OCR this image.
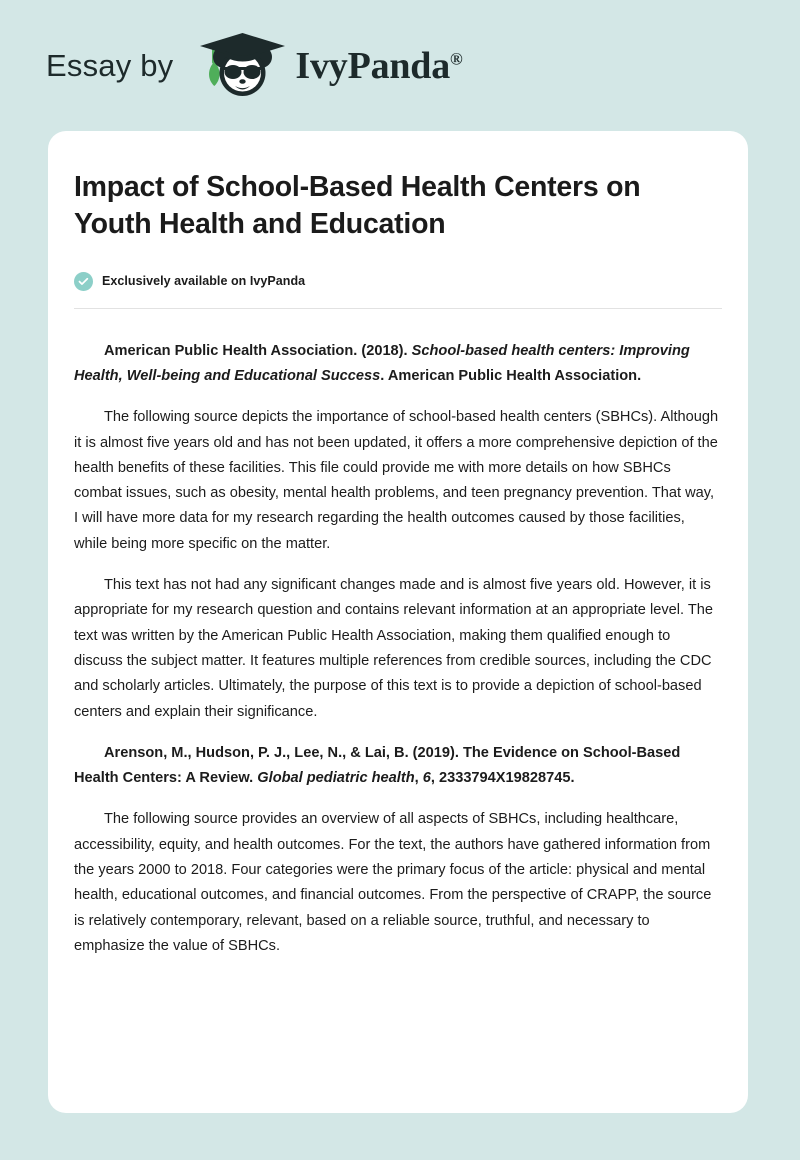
Essay by	IvyPanda®
Impact of School-Based Health Centers on Youth Health and Education
Exclusively available on IvyPanda

American Public Health Association. (2018). School-based health centers: Improving Health, Well-being and Educational Success. American Public Health Association.

The following source depicts the importance of school-based health centers (SBHCs). Although it is almost five years old and has not been updated, it offers a more comprehensive depiction of the health benefits of these facilities. This file could provide me with more details on how SBHCs combat issues, such as obesity, mental health problems, and teen pregnancy prevention. That way, I will have more data for my research regarding the health outcomes caused by those facilities, while being more specific on the matter.

This text has not had any significant changes made and is almost five years old. However, it is appropriate for my research question and contains relevant information at an appropriate level. The text was written by the American Public Health Association, making them qualified enough to discuss the subject matter. It features multiple references from credible sources, including the CDC and scholarly articles. Ultimately, the purpose of this text is to provide a depiction of school-based centers and explain their significance.

Arenson, M., Hudson, P. J., Lee, N., & Lai, B. (2019). The Evidence on School-Based Health Centers: A Review. Global pediatric health, 6, 2333794X19828745.

The following source provides an overview of all aspects of SBHCs, including healthcare, accessibility, equity, and health outcomes. For the text, the authors have gathered information from the years 2000 to 2018. Four categories were the primary focus of the article: physical and mental health, educational outcomes, and financial outcomes. From the perspective of CRAPP, the source is relatively contemporary, relevant, based on a reliable source, truthful, and necessary to emphasize the value of SBHCs.
